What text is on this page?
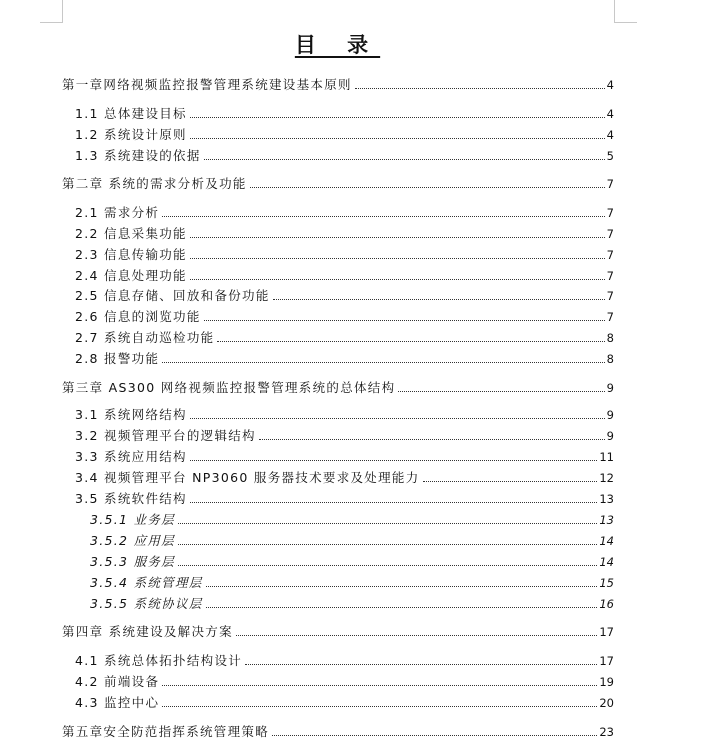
目 录
第一章网络视频监控报警管理系统建设基本原则	4
1.1 总体建设目标	4
1.2 系统设计原则	4
1.3 系统建设的依据	5
第二章 系统的需求分析及功能	7
2.1 需求分析	7
2.2 信息采集功能	7
2.3 信息传输功能	7
2.4 信息处理功能	7
2.5 信息存储、回放和备份功能	7
2.6 信息的浏览功能	7
2.7 系统自动巡检功能	8
2.8 报警功能	8
第三章 AS300 网络视频监控报警管理系统的总体结构	9
3.1 系统网络结构	9
3.2 视频管理平台的逻辑结构	9
3.3 系统应用结构	11
3.4 视频管理平台 NP3060 服务器技术要求及处理能力	12
3.5 系统软件结构	13
3.5.1 业务层	13
3.5.2 应用层	14
3.5.3 服务层	14
3.5.4 系统管理层	15
3.5.5 系统协议层	16
第四章 系统建设及解决方案	17
4.1 系统总体拓扑结构设计	17
4.2 前端设备	19
4.3 监控中心	20
第五章安全防范指挥系统管理策略	23
